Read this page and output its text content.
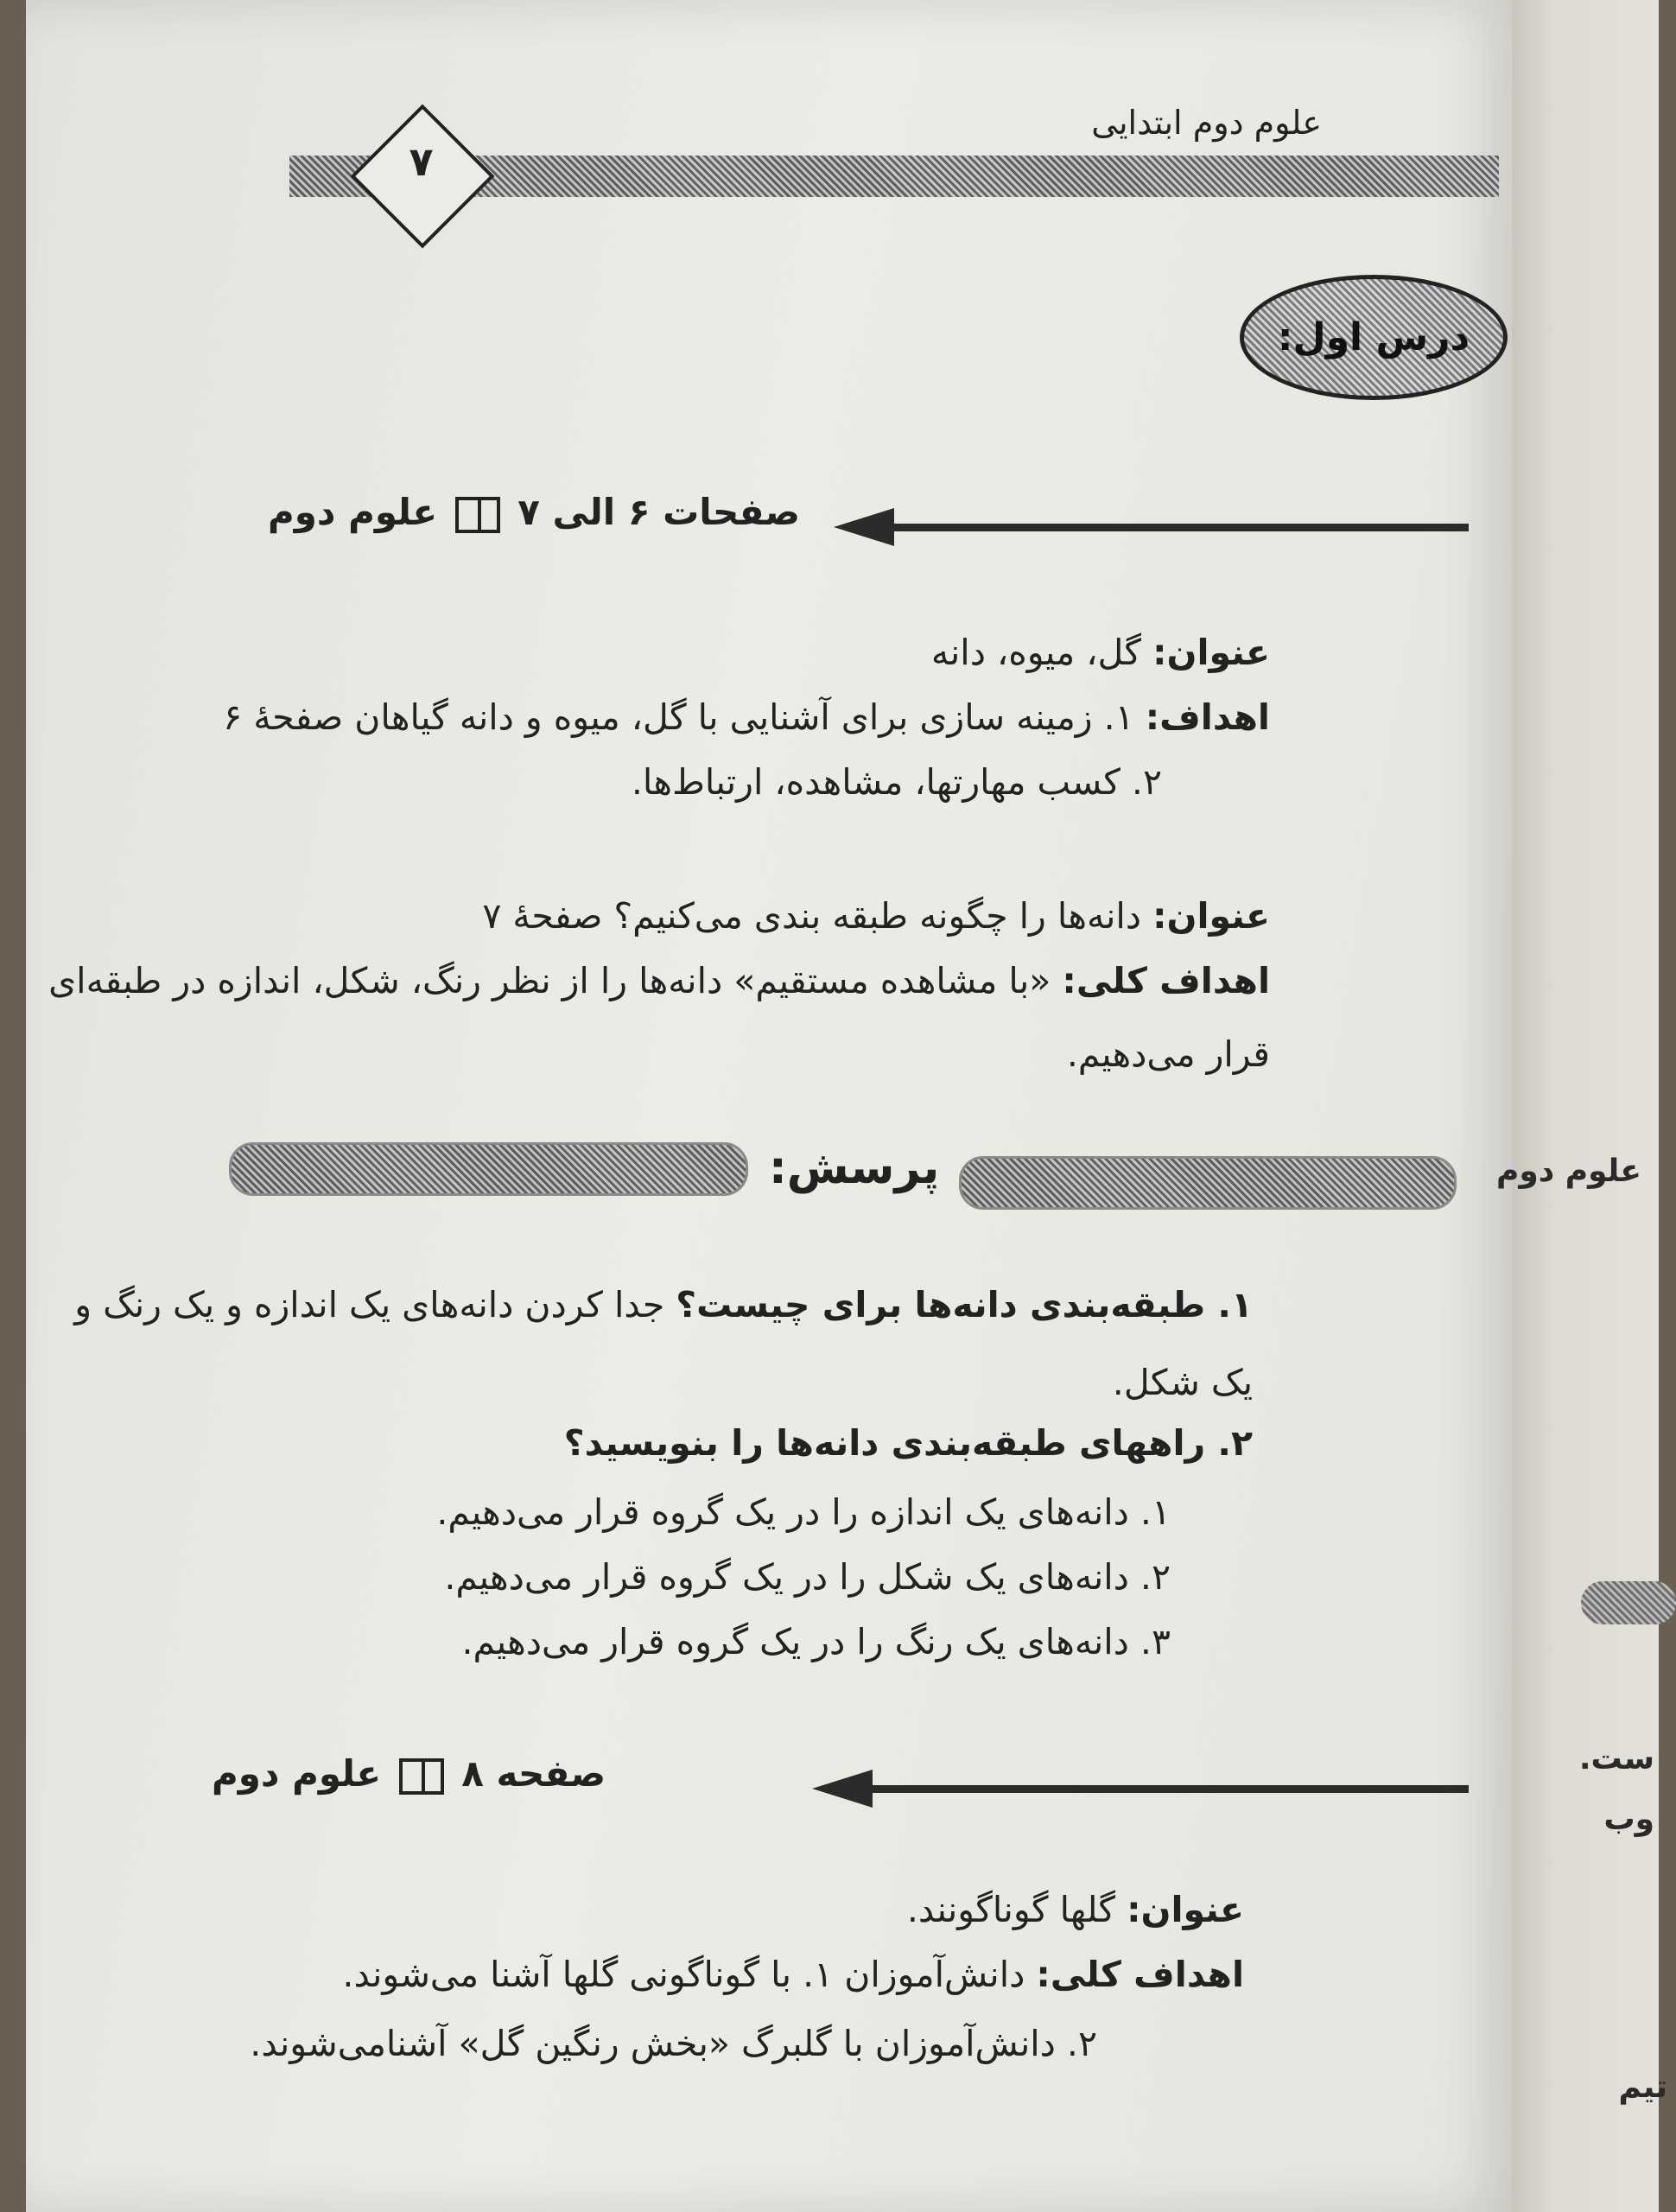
۷
علوم دوم ابتدایی
درس اول:
صفحات ۶ الی ۷  علوم دوم
عنوان: گل، میوه، دانه
اهداف: ۱. زمینه سازی برای آشنایی با گل، میوه و دانه گیاهان صفحهٔ ۶
۲. کسب مهارتها، مشاهده، ارتباط‌ها.
عنوان: دانه‌ها را چگونه طبقه بندی می‌کنیم؟ صفحهٔ ۷
اهداف کلی: «با مشاهده مستقیم» دانه‌ها را از نظر رنگ، شکل، اندازه در طبقه‌ای
قرار می‌دهیم.
پرسش:
۱. طبقه‌بندی دانه‌ها برای چیست؟ جدا کردن دانه‌های یک اندازه و یک رنگ و
یک شکل.
۲. راههای طبقه‌بندی دانه‌ها را بنویسید؟
۱. دانه‌های یک اندازه را در یک گروه قرار می‌دهیم.
۲. دانه‌های یک شکل را در یک گروه قرار می‌دهیم.
۳. دانه‌های یک رنگ را در یک گروه قرار می‌دهیم.
صفحه ۸  علوم دوم
عنوان: گلها گوناگونند.
اهداف کلی: دانش‌آموزان ۱. با گوناگونی گلها آشنا می‌شوند.
۲. دانش‌آموزان با گلبرگ «بخش رنگین گل» آشنامی‌شوند.
علوم دوم
ست.
وب
تیم
